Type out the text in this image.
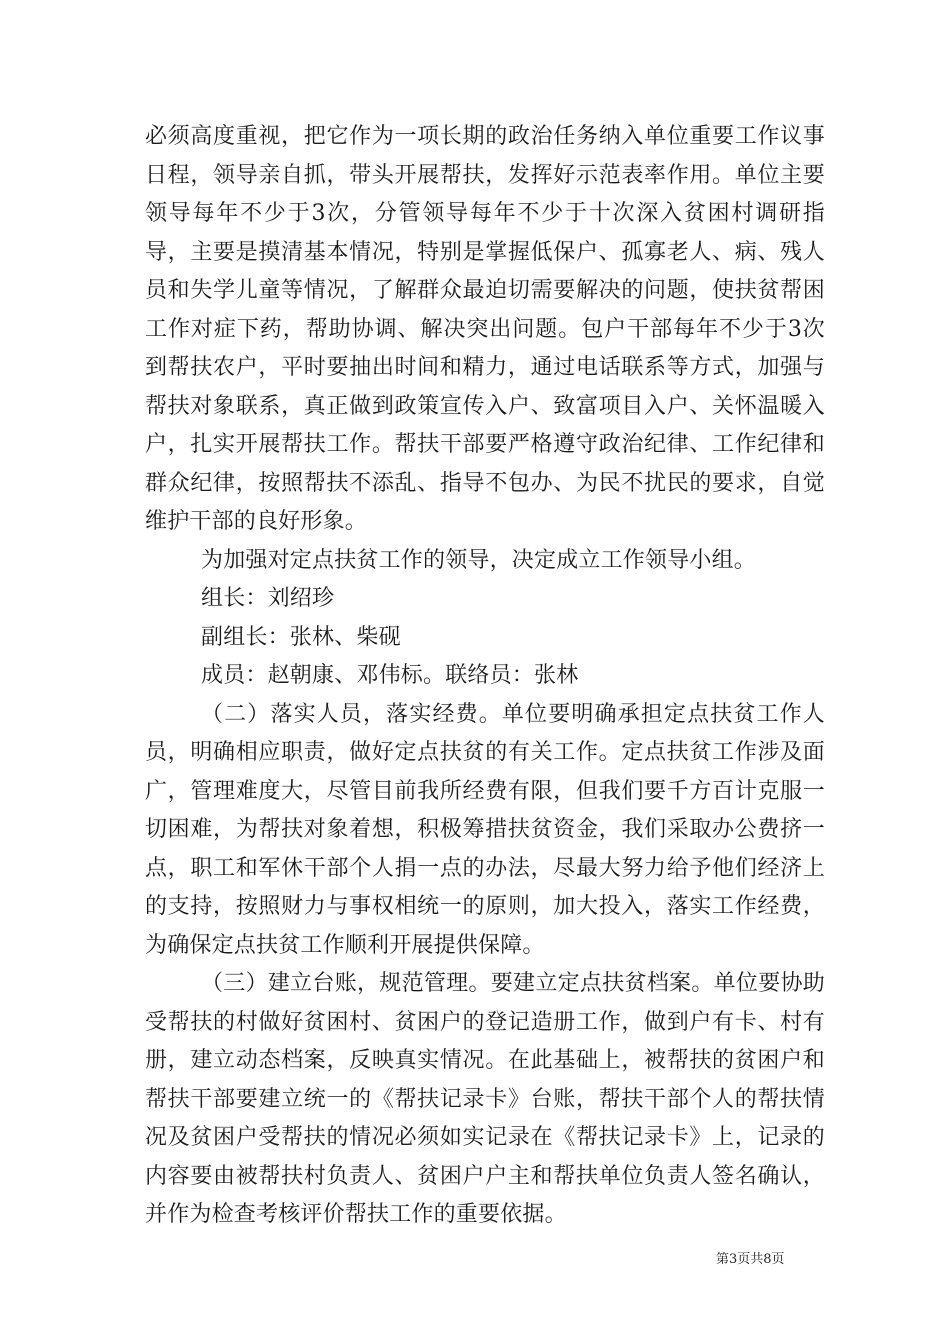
必须高度重视，把它作为一项长期的政治任务纳入单位重要工作议事日程，领导亲自抓，带头开展帮扶，发挥好示范表率作用。单位主要领导每年不少于3次，分管领导每年不少于十次深入贫困村调研指导，主要是摸清基本情况，特别是掌握低保户、孤寡老人、病、残人员和失学儿童等情况，了解群众最迫切需要解决的问题，使扶贫帮困工作对症下药，帮助协调、解决突出问题。包户干部每年不少于3次到帮扶农户，平时要抽出时间和精力，通过电话联系等方式，加强与帮扶对象联系，真正做到政策宣传入户、致富项目入户、关怀温暖入户，扎实开展帮扶工作。帮扶干部要严格遵守政治纪律、工作纪律和群众纪律，按照帮扶不添乱、指导不包办、为民不扰民的要求，自觉维护干部的良好形象。

为加强对定点扶贫工作的领导，决定成立工作领导小组。

组长：刘绍珍

副组长：张林、柴砚

成员：赵朝康、邓伟标。联络员：张林

（二）落实人员，落实经费。单位要明确承担定点扶贫工作人员，明确相应职责，做好定点扶贫的有关工作。定点扶贫工作涉及面广，管理难度大，尽管目前我所经费有限，但我们要千方百计克服一切困难，为帮扶对象着想，积极筹措扶贫资金，我们采取办公费挤一点，职工和军休干部个人捐一点的办法，尽最大努力给予他们经济上的支持，按照财力与事权相统一的原则，加大投入，落实工作经费，为确保定点扶贫工作顺利开展提供保障。

（三）建立台账，规范管理。要建立定点扶贫档案。单位要协助受帮扶的村做好贫困村、贫困户的登记造册工作，做到户有卡、村有册，建立动态档案，反映真实情况。在此基础上，被帮扶的贫困户和帮扶干部要建立统一的《帮扶记录卡》台账，帮扶干部个人的帮扶情况及贫困户受帮扶的情况必须如实记录在《帮扶记录卡》上，记录的内容要由被帮扶村负责人、贫困户户主和帮扶单位负责人签名确认，并作为检查考核评价帮扶工作的重要依据。

第3页共8页
